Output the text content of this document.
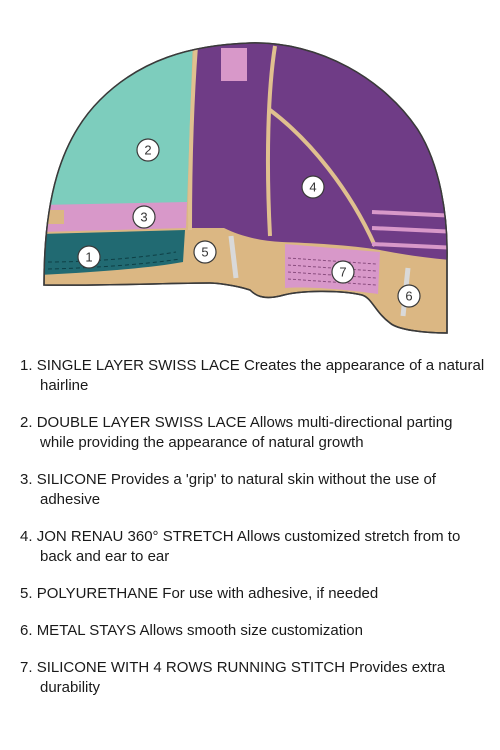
1
2
3
4
5
6
7
1. SINGLE LAYER SWISS LACE Creates the appearance of a natural hairline
2. DOUBLE LAYER SWISS LACE Allows multi-directional parting while providing the appearance of natural growth
3. SILICONE Provides a 'grip' to natural skin without the use of adhesive
4. JON RENAU 360° STRETCH Allows customized stretch from to back and ear to ear
5. POLYURETHANE For use with adhesive, if needed
6. METAL STAYS Allows smooth size customization
7. SILICONE WITH 4 ROWS RUNNING STITCH Provides extra durability
